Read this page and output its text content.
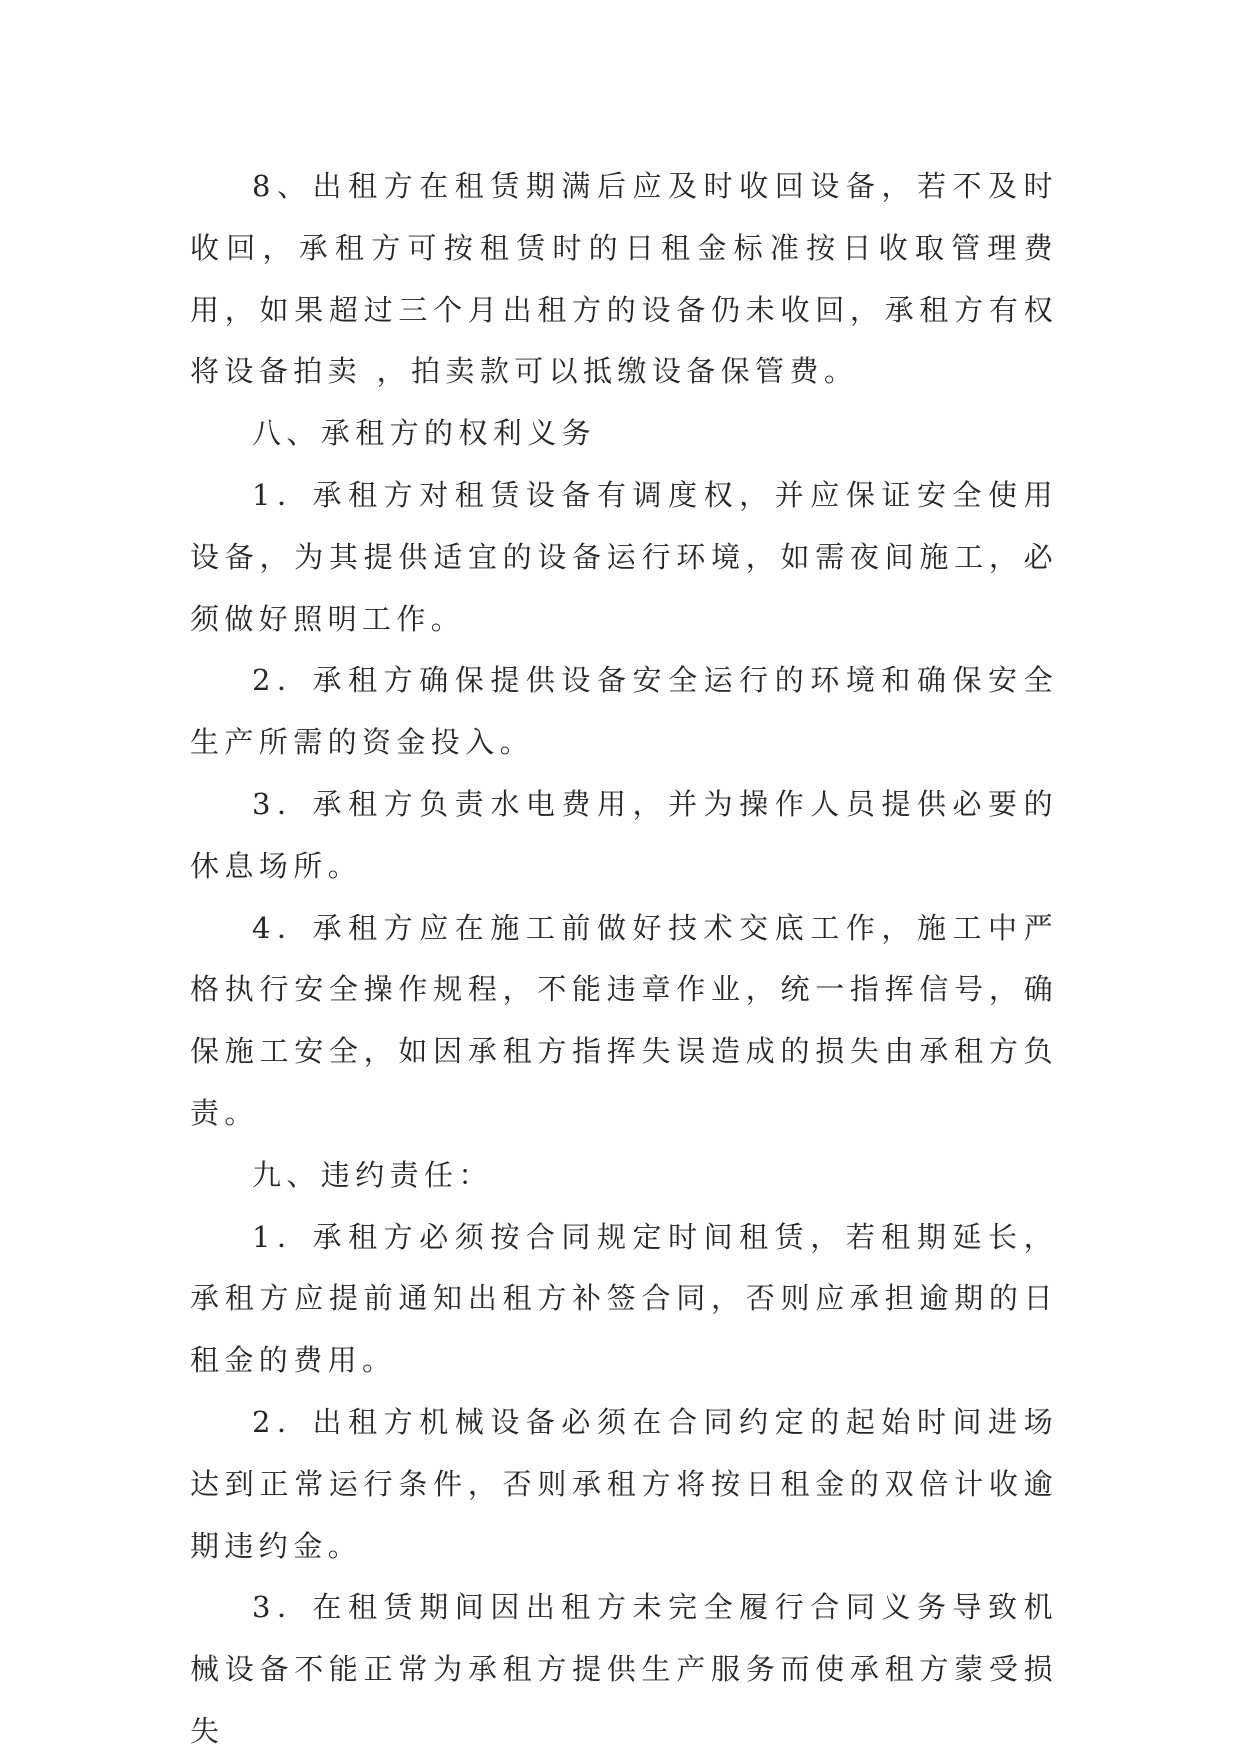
8、出租方在租赁期满后应及时收回设备，若不及时收回，承租方可按租赁时的日租金标准按日收取管理费用，如果超过三个月出租方的设备仍未收回，承租方有权将设备拍卖 ，拍卖款可以抵缴设备保管费。

八、承租方的权利义务

1．承租方对租赁设备有调度权，并应保证安全使用设备，为其提供适宜的设备运行环境，如需夜间施工，必须做好照明工作。

2．承租方确保提供设备安全运行的环境和确保安全生产所需的资金投入。

3．承租方负责水电费用，并为操作人员提供必要的休息场所。

4．承租方应在施工前做好技术交底工作，施工中严格执行安全操作规程，不能违章作业，统一指挥信号，确保施工安全，如因承租方指挥失误造成的损失由承租方负责。

九、违约责任：

1．承租方必须按合同规定时间租赁，若租期延长，承租方应提前通知出租方补签合同，否则应承担逾期的日租金的费用。

2．出租方机械设备必须在合同约定的起始时间进场达到正常运行条件，否则承租方将按日租金的双倍计收逾期违约金。

3．在租赁期间因出租方未完全履行合同义务导致机械设备不能正常为承租方提供生产服务而使承租方蒙受损失
